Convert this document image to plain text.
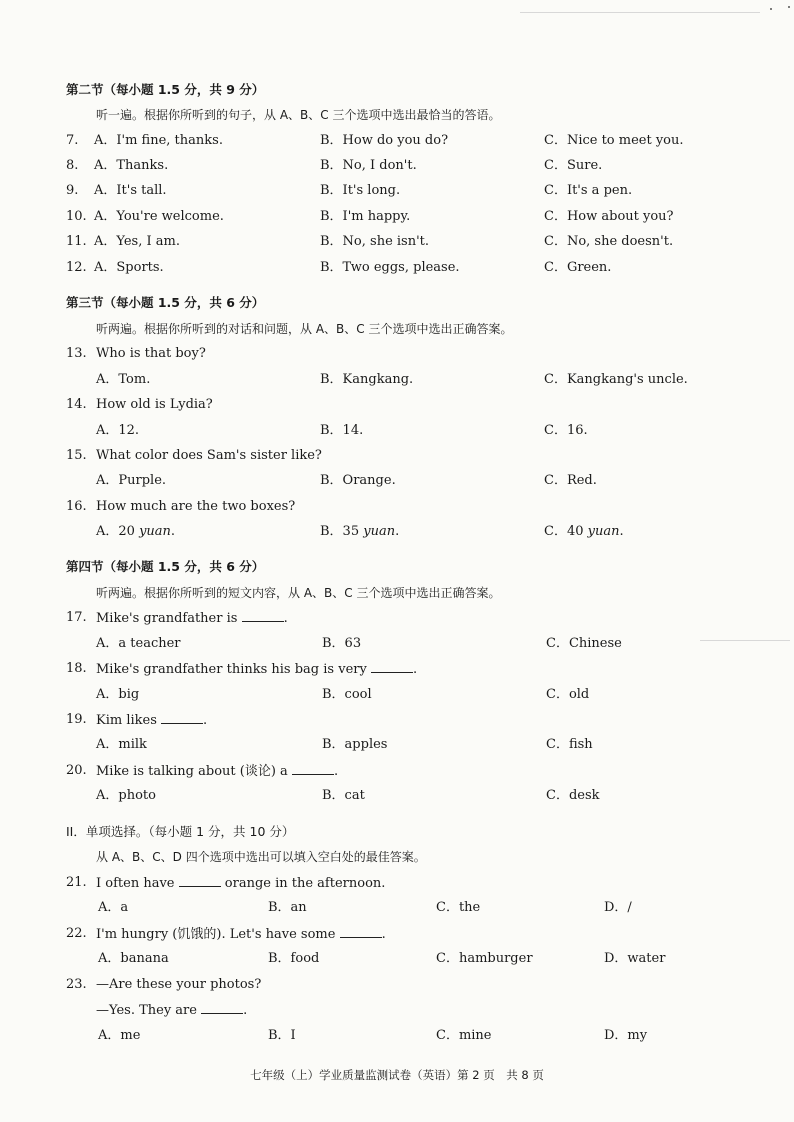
第二节（每小题 1.5 分，共 9 分）
听一遍。根据你所听到的句子，从 A、B、C 三个选项中选出最恰当的答语。
7. A．I'm fine, thanks.	B．How do you do?	C．Nice to meet you.
8. A．Thanks.	B．No, I don't.	C．Sure.
9. A．It's tall.	B．It's long.	C．It's a pen.
10. A．You're welcome.	B．I'm happy.	C．How about you?
11. A．Yes, I am.	B．No, she isn't.	C．No, she doesn't.
12. A．Sports.	B．Two eggs, please.	C．Green.
第三节（每小题 1.5 分，共 6 分）
听两遍。根据你所听到的对话和问题，从 A、B、C 三个选项中选出正确答案。
13. Who is that boy?
A．Tom.	B．Kangkang.	C．Kangkang's uncle.
14. How old is Lydia?
A．12.	B．14.	C．16.
15. What color does Sam's sister like?
A．Purple.	B．Orange.	C．Red.
16. How much are the two boxes?
A．20 yuan.	B．35 yuan.	C．40 yuan.
第四节（每小题 1.5 分，共 6 分）
听两遍。根据你所听到的短文内容，从 A、B、C 三个选项中选出正确答案。
17. Mike's grandfather is	.
A．a teacher	B．63	C．Chinese
18. Mike's grandfather thinks his bag is very	.
A．big	B．cool	C．old
19. Kim likes	.
A．milk	B．apples	C．fish
20. Mike is talking about (谈论) a	.
A．photo	B．cat	C．desk
II．单项选择。（每小题 1 分，共 10 分）
从 A、B、C、D 四个选项中选出可以填入空白处的最佳答案。
21. I often have	orange in the afternoon.
A．a	B．an	C．the	D．/
22. I'm hungry (饥饿的). Let's have some	.
A．banana	B．food	C．hamburger	D．water
23. —Are these your photos?
—Yes. They are	.
A．me	B．I	C．mine	D．my
七年级（上）学业质量监测试卷（英语）第 2 页　共 8 页
